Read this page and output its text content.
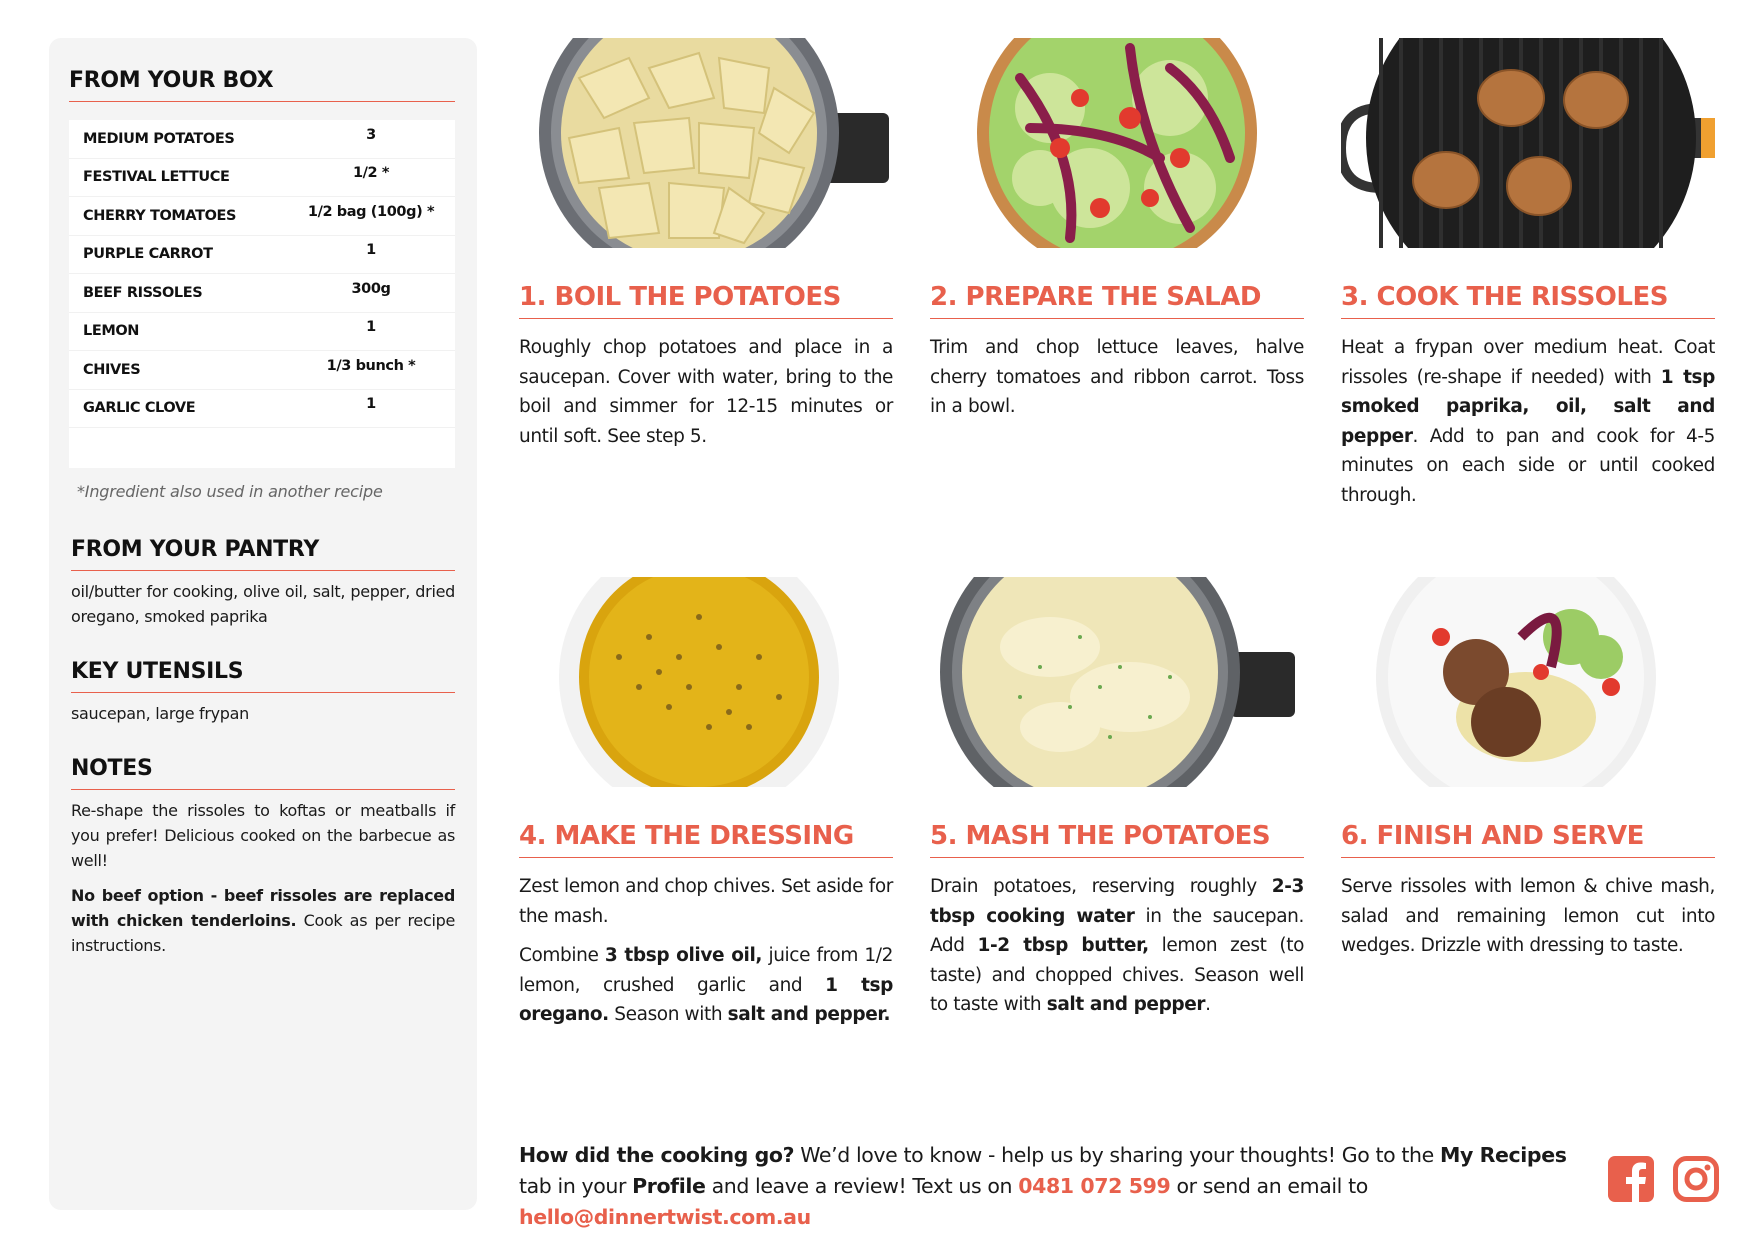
FROM YOUR BOX
MEDIUM POTATOES	3
FESTIVAL LETTUCE	1/2 *
CHERRY TOMATOES	1/2 bag (100g) *
PURPLE CARROT	1
BEEF RISSOLES	300g
LEMON	1
CHIVES	1/3 bunch *
GARLIC CLOVE	1
*Ingredient also used in another recipe
FROM YOUR PANTRY
oil/butter for cooking, olive oil, salt, pepper, dried oregano, smoked paprika
KEY UTENSILS
saucepan, large frypan
NOTES
Re-shape the rissoles to koftas or meatballs if you prefer! Delicious cooked on the barbecue as well!
No beef option - beef rissoles are replaced with chicken tenderloins. Cook as per recipe instructions.
1. BOIL THE POTATOES
Roughly chop potatoes and place in a saucepan. Cover with water, bring to the boil and simmer for 12-15 minutes or until soft. See step 5.
2. PREPARE THE SALAD
Trim and chop lettuce leaves, halve cherry tomatoes and ribbon carrot. Toss in a bowl.
3. COOK THE RISSOLES
Heat a frypan over medium heat. Coat rissoles (re-shape if needed) with 1 tsp smoked paprika, oil, salt and pepper. Add to pan and cook for 4-5 minutes on each side or until cooked through.
4. MAKE THE DRESSING

Zest lemon and chop chives. Set aside for the mash.

Combine 3 tbsp olive oil, juice from 1/2 lemon, crushed garlic and 1 tsp oregano. Season with salt and pepper.

5. MASH THE POTATOES
Drain potatoes, reserving roughly 2-3 tbsp cooking water in the saucepan. Add 1-2 tbsp butter, lemon zest (to taste) and chopped chives. Season well to taste with salt and pepper.
6. FINISH AND SERVE
Serve rissoles with lemon & chive mash, salad and remaining lemon cut into wedges. Drizzle with dressing to taste.
How did the cooking go? We’d love to know - help us by sharing your thoughts! Go to the My Recipes tab in your Profile and leave a review! Text us on 0481 072 599 or send an email to hello@dinnertwist.com.au
